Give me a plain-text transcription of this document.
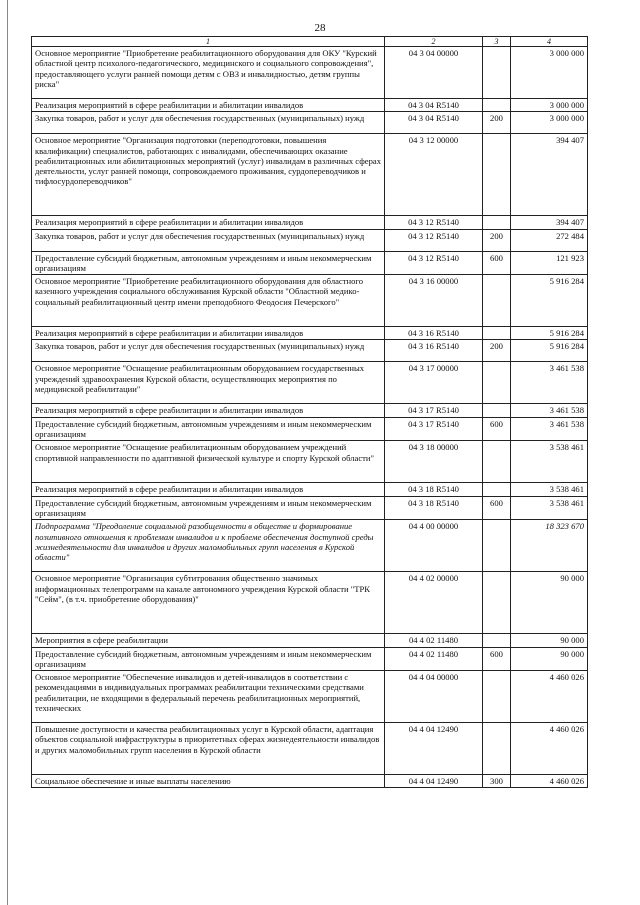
28
1	2	3	4
Основное мероприятие "Приобретение реабилитационного оборудования для ОКУ "Курский областной центр психолого-педагогического, медицинского и социального сопровождения", предоставляющего услуги ранней помощи детям с ОВЗ и инвалидностью, детям группы риска"	04 3 04 00000		3 000 000
Реализация мероприятий в сфере реабилитации и абилитации инвалидов	04 3 04 R5140		3 000 000
Закупка товаров, работ и услуг для обеспечения государственных (муниципальных) нужд	04 3 04 R5140	200	3 000 000
Основное мероприятие "Организация подготовки (переподготовки, повышения квалификации) специалистов, работающих с инвалидами, обеспечивающих оказание реабилитационных или абилитационных мероприятий (услуг) инвалидам в различных сферах деятельности, услуг ранней помощи, сопровождаемого проживания, сурдопереводчиков и тифлосурдопереводчиков"	04 3 12 00000		394 407
Реализация мероприятий в сфере реабилитации и абилитации инвалидов	04 3 12 R5140		394 407
Закупка товаров, работ и услуг для обеспечения государственных (муниципальных) нужд	04 3 12 R5140	200	272 484
Предоставление субсидий бюджетным, автономным учреждениям и иным некоммерческим организациям	04 3 12 R5140	600	121 923
Основное мероприятие "Приобретение реабилитационного оборудования для областного казенного учреждения социального обслуживания Курской области "Областной медико-социальный реабилитационный центр имени преподобного Феодосия Печерского"	04 3 16 00000		5 916 284
Реализация мероприятий в сфере реабилитации и абилитации инвалидов	04 3 16 R5140		5 916 284
Закупка товаров, работ и услуг для обеспечения государственных (муниципальных) нужд	04 3 16 R5140	200	5 916 284
Основное мероприятие "Оснащение реабилитационным оборудованием государственных учреждений здравоохранения Курской области, осуществляющих мероприятия по медицинской реабилитации"	04 3 17 00000		3 461 538
Реализация мероприятий в сфере реабилитации и абилитации инвалидов	04 3 17 R5140		3 461 538
Предоставление субсидий бюджетным, автономным учреждениям и иным некоммерческим организациям	04 3 17 R5140	600	3 461 538
Основное мероприятие "Оснащение реабилитационным оборудованием учреждений спортивной направленности по адаптивной физической культуре и спорту Курской области"	04 3 18 00000		3 538 461
Реализация мероприятий в сфере реабилитации и абилитации инвалидов	04 3 18 R5140		3 538 461
Предоставление субсидий бюджетным, автономным учреждениям и иным некоммерческим организациям	04 3 18 R5140	600	3 538 461
Подпрограмма "Преодоление социальной разобщенности в обществе и формирование позитивного отношения к проблемам инвалидов и к проблеме обеспечения доступной среды жизнедеятельности для инвалидов и других маломобильных групп населения в Курской области"	04 4 00 00000		18 323 670
Основное мероприятие "Организация субтитрования общественно значимых информационных телепрограмм на канале автономного учреждения Курской области "ТРК "Сейм", (в т.ч. приобретение оборудования)"	04 4 02 00000		90 000
Мероприятия в сфере реабилитации	04 4 02 11480		90 000
Предоставление субсидий бюджетным, автономным учреждениям и иным некоммерческим организациям	04 4 02 11480	600	90 000
Основное мероприятие "Обеспечение инвалидов и детей-инвалидов в соответствии с рекомендациями в индивидуальных программах реабилитации техническими средствами реабилитации, не входящими в федеральный перечень реабилитационных мероприятий, технических	04 4 04 00000		4 460 026
Повышение доступности и качества реабилитационных услуг в Курской области, адаптация объектов социальной инфраструктуры в приоритетных сферах жизнедеятельности инвалидов и других маломобильных групп населения в Курской области	04 4 04 12490		4 460 026
Социальное обеспечение и иные выплаты населению	04 4 04 12490	300	4 460 026
